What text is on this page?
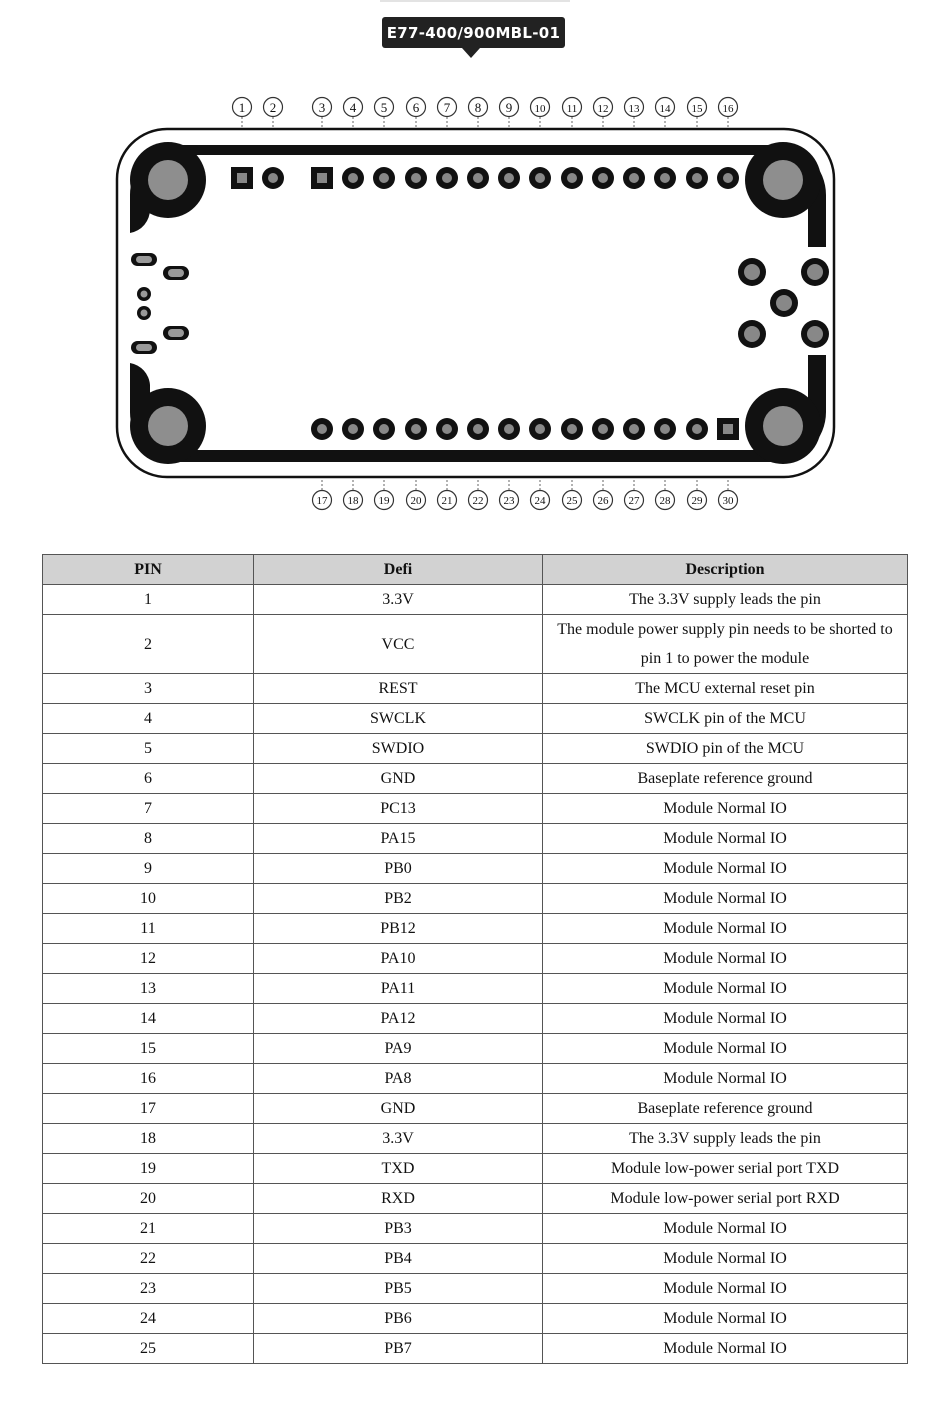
E77-400/900MBL-01
1 2	3 4 5 6 7 8 9 10 11 12 13 14 15 16
17 18 19 20 21 22 23 24 25 26 27 28 29 30
PIN	Defi	Description
1	3.3V	The 3.3V supply leads the pin
2	VCC	The module power supply pin needs to be shorted to pin 1 to power the module
3	REST	The MCU external reset pin
4	SWCLK	SWCLK pin of the MCU
5	SWDIO	SWDIO pin of the MCU
6	GND	Baseplate reference ground
7	PC13	Module Normal IO
8	PA15	Module Normal IO
9	PB0	Module Normal IO
10	PB2	Module Normal IO
11	PB12	Module Normal IO
12	PA10	Module Normal IO
13	PA11	Module Normal IO
14	PA12	Module Normal IO
15	PA9	Module Normal IO
16	PA8	Module Normal IO
17	GND	Baseplate reference ground
18	3.3V	The 3.3V supply leads the pin
19	TXD	Module low-power serial port TXD
20	RXD	Module low-power serial port RXD
21	PB3	Module Normal IO
22	PB4	Module Normal IO
23	PB5	Module Normal IO
24	PB6	Module Normal IO
25	PB7	Module Normal IO
